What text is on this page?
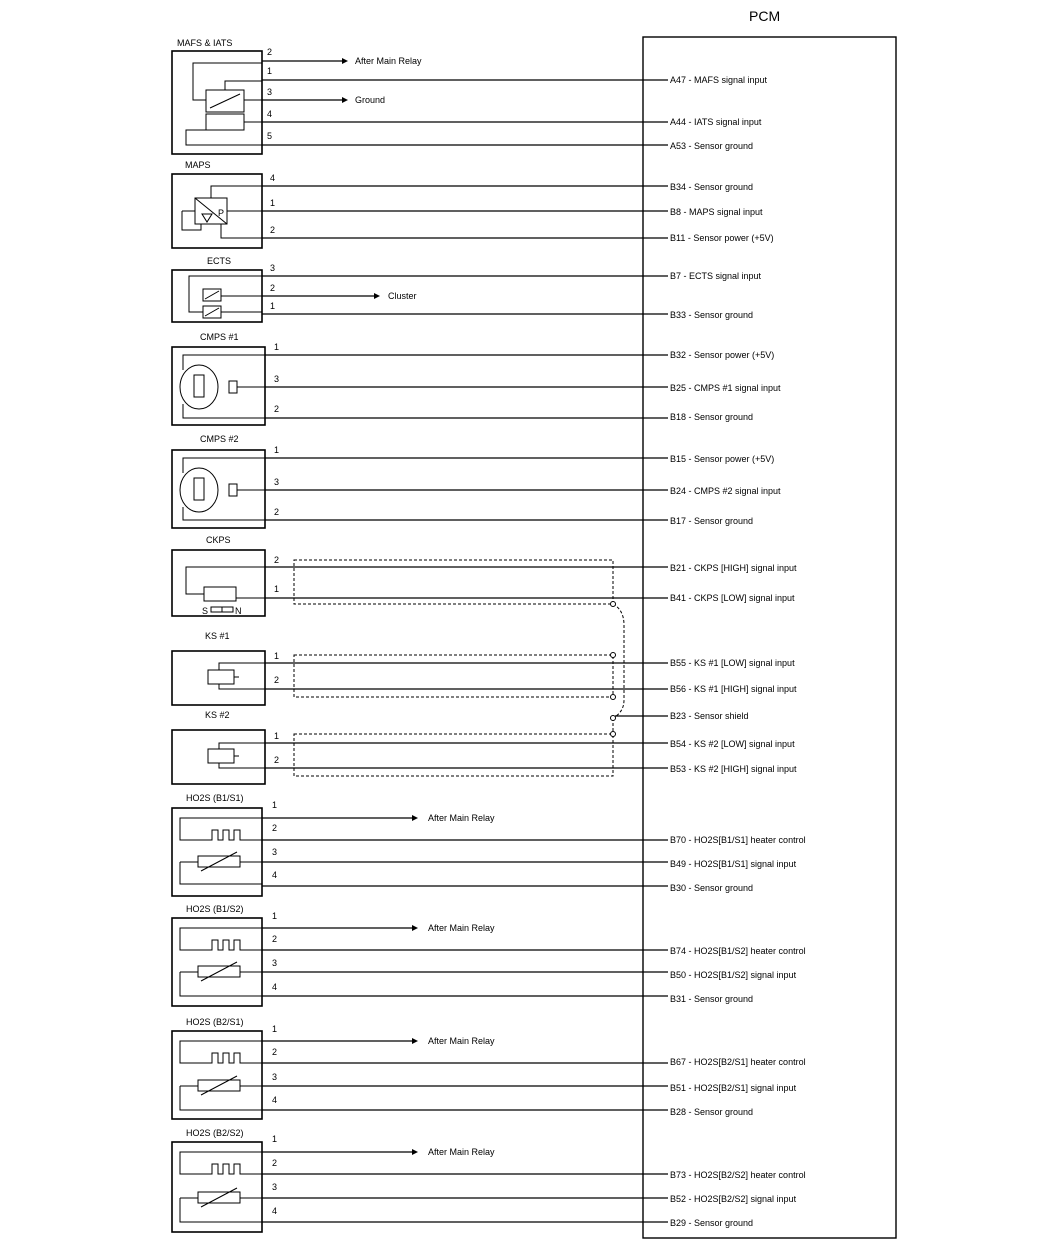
PCM
MAFS & IATS
2
1
3
4
5
After Main Relay
Ground
A47 - MAFS signal input
A44 - IATS signal input
A53 - Sensor ground
MAPS
P
4
1
2
B34 - Sensor ground
B8 - MAPS signal input
B11 - Sensor power (+5V)
ECTS
3
2
1
Cluster
B7 - ECTS signal input
B33 - Sensor ground
CMPS #1
1
3
2
B32 - Sensor power (+5V)
B25 - CMPS #1 signal input
B18 - Sensor ground
CMPS #2
1
3
2
B15 - Sensor power (+5V)
B24 - CMPS #2 signal input
B17 - Sensor ground
CKPS
S	N
2
1
B21 - CKPS [HIGH] signal input
B41 - CKPS [LOW] signal input
KS #1
1
2
B55 - KS #1 [LOW] signal input
B56 - KS #1 [HIGH] signal input
B23 - Sensor shield
KS #2
1
2
B54 - KS #2 [LOW] signal input
B53 - KS #2 [HIGH] signal input
HO2S (B1/S1)
1
2
3
4
After Main Relay
B70 - HO2S[B1/S1] heater control
B49 - HO2S[B1/S1] signal input
B30 - Sensor ground
HO2S (B1/S2)
1
2
3
4
After Main Relay
B74 - HO2S[B1/S2] heater control
B50 - HO2S[B1/S2] signal input
B31 - Sensor ground
HO2S (B2/S1)
1
2
3
4
After Main Relay
B67 - HO2S[B2/S1] heater control
B51 - HO2S[B2/S1] signal input
B28 - Sensor ground
HO2S (B2/S2)
1
2
3
4
After Main Relay
B73 - HO2S[B2/S2] heater control
B52 - HO2S[B2/S2] signal input
B29 - Sensor ground
